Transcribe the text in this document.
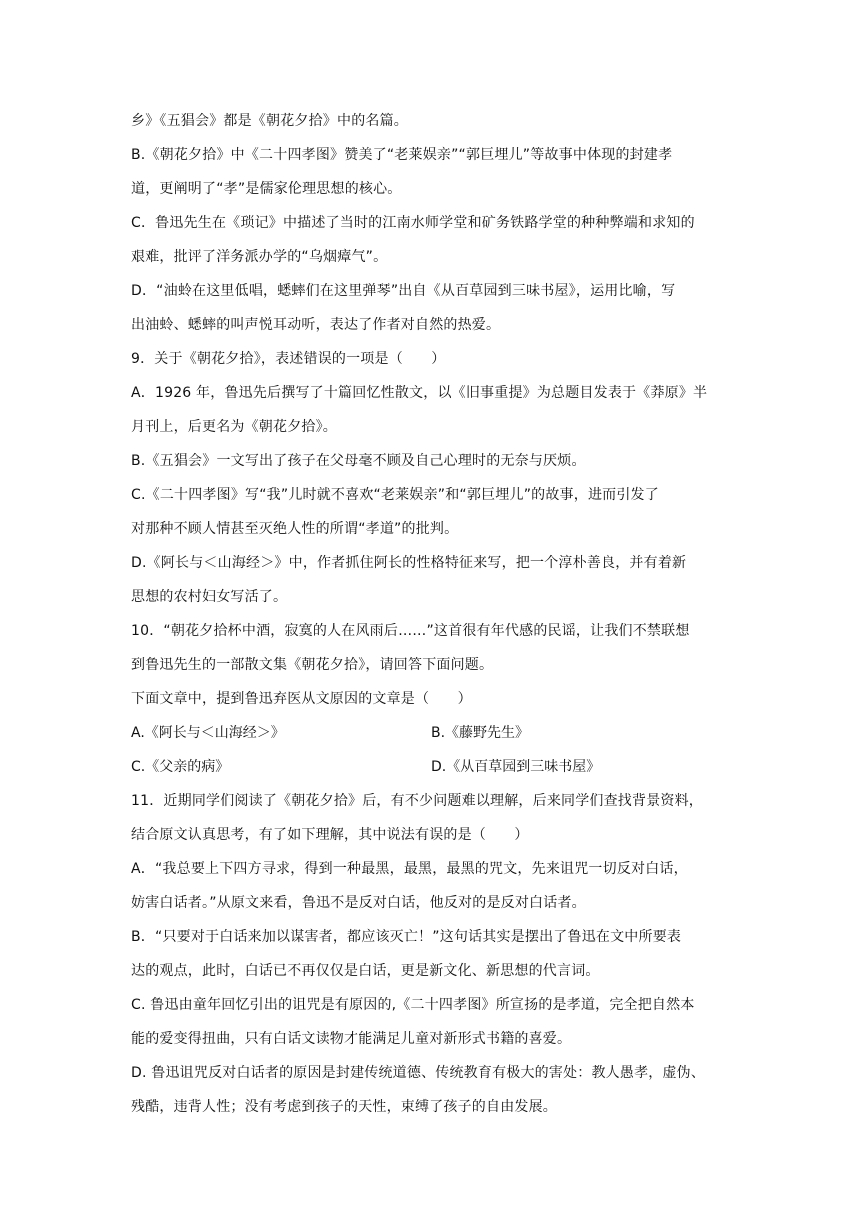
乡》《五猖会》都是《朝花夕拾》中的名篇。
B.《朝花夕拾》中《二十四孝图》赞美了“老莱娱亲”“郭巨埋儿”等故事中体现的封建孝
道，更阐明了“孝”是儒家伦理思想的核心。
C．鲁迅先生在《琐记》中描述了当时的江南水师学堂和矿务铁路学堂的种种弊端和求知的
艰难，批评了洋务派办学的“乌烟瘴气”。
D．“油蛉在这里低唱，蟋蟀们在这里弹琴”出自《从百草园到三味书屋》，运用比喻，写
出油蛉、蟋蟀的叫声悦耳动听，表达了作者对自然的热爱。
9．关于《朝花夕拾》，表述错误的一项是（　　）
A．1926 年，鲁迅先后撰写了十篇回忆性散文，以《旧事重提》为总题目发表于《莽原》半
月刊上，后更名为《朝花夕拾》。
B.《五猖会》一文写出了孩子在父母毫不顾及自己心理时的无奈与厌烦。
C.《二十四孝图》写“我”儿时就不喜欢“老莱娱亲”和“郭巨埋儿”的故事，进而引发了
对那种不顾人情甚至灭绝人性的所谓“孝道”的批判。
D.《阿长与＜山海经＞》中，作者抓住阿长的性格特征来写，把一个淳朴善良，并有着新
思想的农村妇女写活了。
10．“朝花夕拾杯中酒，寂寞的人在风雨后……”这首很有年代感的民谣，让我们不禁联想
到鲁迅先生的一部散文集《朝花夕拾》，请回答下面问题。
下面文章中，提到鲁迅弃医从文原因的文章是（　　）
A.《阿长与＜山海经＞》	B.《藤野先生》
C.《父亲的病》	D.《从百草园到三味书屋》
11．近期同学们阅读了《朝花夕拾》后，有不少问题难以理解，后来同学们查找背景资料，
结合原文认真思考，有了如下理解，其中说法有误的是（　　）
A．“我总要上下四方寻求，得到一种最黑，最黑，最黑的咒文，先来诅咒一切反对白话，
妨害白话者。”从原文来看，鲁迅不是反对白话，他反对的是反对白话者。
B．“只要对于白话来加以谋害者，都应该灭亡！”这句话其实是摆出了鲁迅在文中所要表
达的观点，此时，白话已不再仅仅是白话，更是新文化、新思想的代言词。
C. 鲁迅由童年回忆引出的诅咒是有原因的,《二十四孝图》所宣扬的是孝道，完全把自然本
能的爱变得扭曲，只有白话文读物才能满足儿童对新形式书籍的喜爱。
D. 鲁迅诅咒反对白话者的原因是封建传统道德、传统教育有极大的害处：教人愚孝，虚伪、
残酷，违背人性；没有考虑到孩子的天性，束缚了孩子的自由发展。
